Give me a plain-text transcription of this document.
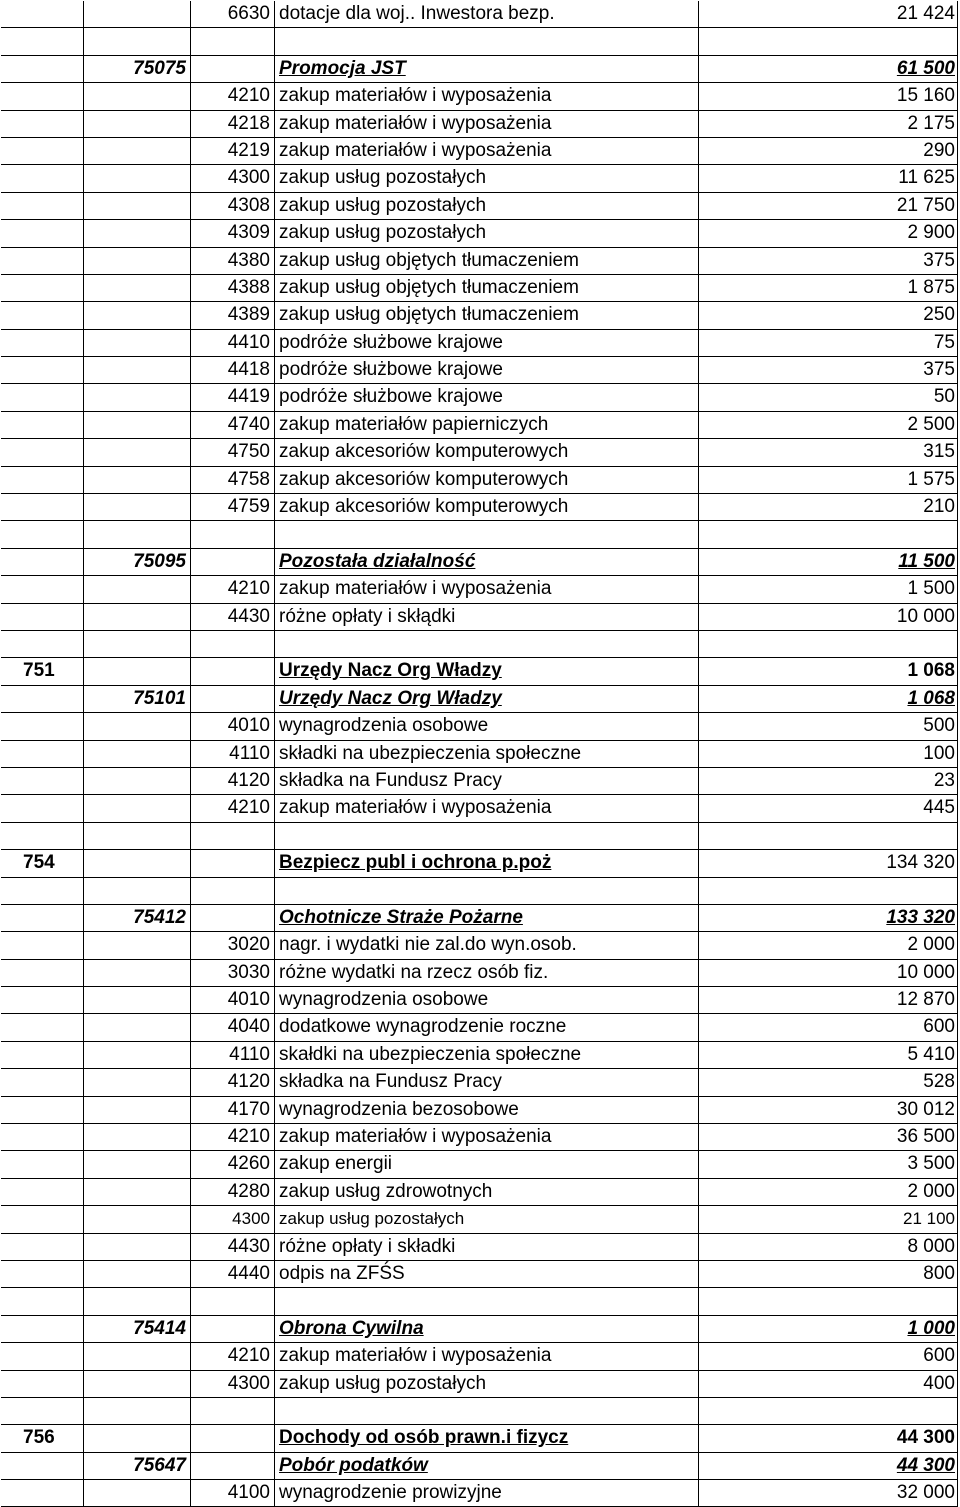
6630 dotacje dla woj.. Inwestora bezp.	21 424
75075	Promocja JST	61 500
4210 zakup materiałów i wyposażenia	15 160
4218 zakup materiałów i wyposażenia	2 175
4219 zakup materiałów i wyposażenia	290
4300 zakup usług pozostałych	11 625
4308 zakup usług pozostałych	21 750
4309 zakup usług pozostałych	2 900
4380 zakup usług objętych tłumaczeniem	375
4388 zakup usług objętych tłumaczeniem	1 875
4389 zakup usług objętych tłumaczeniem	250
4410 podróże służbowe krajowe	75
4418 podróże służbowe krajowe	375
4419 podróże służbowe krajowe	50
4740 zakup materiałów papierniczych	2 500
4750 zakup akcesoriów komputerowych	315
4758 zakup akcesoriów komputerowych	1 575
4759 zakup akcesoriów komputerowych	210
75095	Pozostała działalność	11 500
4210 zakup materiałów i wyposażenia	1 500
4430 różne opłaty i skłądki	10 000
751	Urzędy Nacz Org Władzy	1 068
75101	Urzędy Nacz Org Władzy	1 068
4010 wynagrodzenia osobowe	500
4110 składki na ubezpieczenia społeczne	100
4120 składka na Fundusz Pracy	23
4210 zakup materiałów i wyposażenia	445
754	Bezpiecz publ i ochrona p.poż	134 320
75412	Ochotnicze Straże Pożarne	133 320
3020 nagr. i wydatki nie zal.do wyn.osob.	2 000
3030 różne wydatki na rzecz osób fiz.	10 000
4010 wynagrodzenia osobowe	12 870
4040 dodatkowe wynagrodzenie roczne	600
4110 skałdki na ubezpieczenia społeczne	5 410
4120 składka na Fundusz Pracy	528
4170 wynagrodzenia bezosobowe	30 012
4210 zakup materiałów i wyposażenia	36 500
4260 zakup energii	3 500
4280 zakup usług zdrowotnych	2 000
4300 zakup usług pozostałych	21 100
4430 różne opłaty i składki	8 000
4440 odpis na ZFŚS	800
75414	Obrona Cywilna	1 000
4210 zakup materiałów i wyposażenia	600
4300 zakup usług pozostałych	400
756	Dochody od osób prawn.i fizycz	44 300
75647	Pobór podatków	44 300
4100 wynagrodzenie prowizyjne	32 000
